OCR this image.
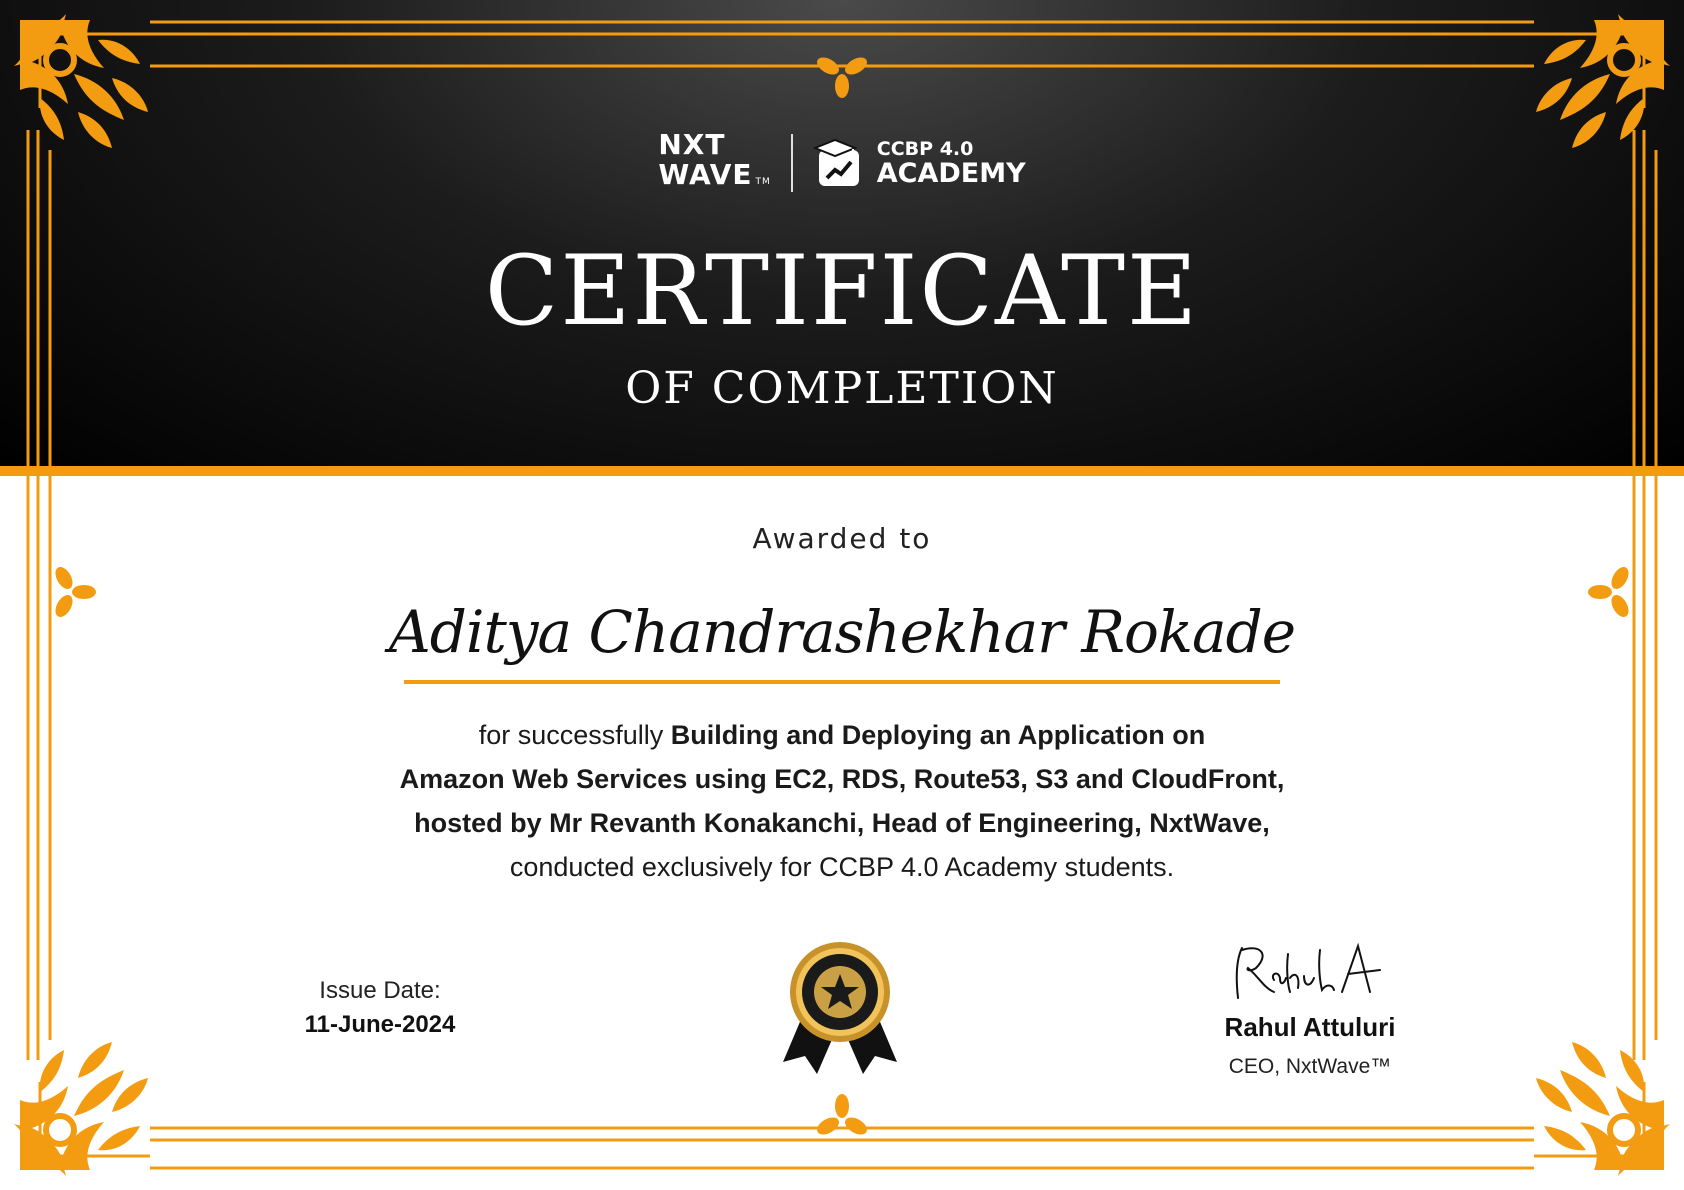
NXT
WAVE TM
CCBP 4.0
ACADEMY
CERTIFICATE
OF COMPLETION
Awarded to
Aditya Chandrashekhar Rokade
for successfully Building and Deploying an Application on
Amazon Web Services using EC2, RDS, Route53, S3 and CloudFront,
hosted by Mr Revanth Konakanchi, Head of Engineering, NxtWave,
conducted exclusively for CCBP 4.0 Academy students.
Issue Date:
11-June-2024	Rahul Attuluri
CEO, NxtWave™
